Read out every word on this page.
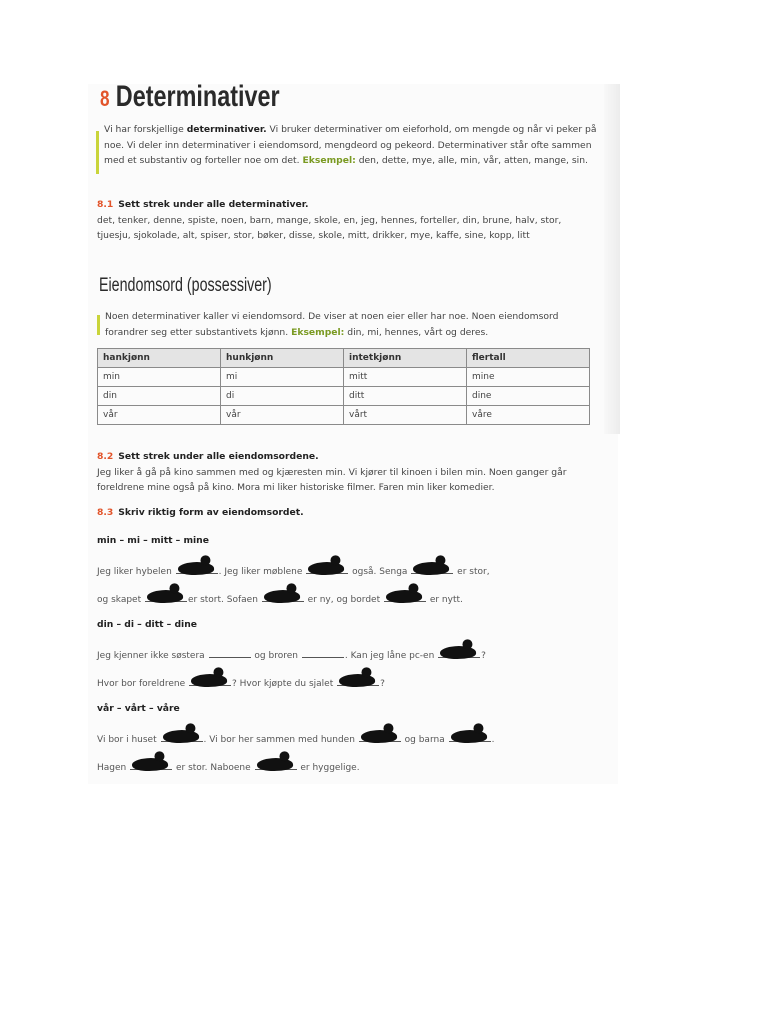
8 Determinativer
Vi har forskjellige determinativer. Vi bruker determinativer om eieforhold, om mengde og når vi peker på
noe. Vi deler inn determinativer i eiendomsord, mengdeord og pekeord. Determinativer står ofte sammen
med et substantiv og forteller noe om det. Eksempel: den, dette, mye, alle, min, vår, atten, mange, sin.
8.1 Sett strek under alle determinativer.
det, tenker, denne, spiste, noen, barn, mange, skole, en, jeg, hennes, forteller, din, brune, halv, stor,
tjuesju, sjokolade, alt, spiser, stor, bøker, disse, skole, mitt, drikker, mye, kaffe, sine, kopp, litt
Eiendomsord (possessiver)
Noen determinativer kaller vi eiendomsord. De viser at noen eier eller har noe. Noen eiendomsord
forandrer seg etter substantivets kjønn. Eksempel: din, mi, hennes, vårt og deres.
hankjønn	hunkjønn	intetkjønn	flertall
min	mi	mitt	mine
din	di	ditt	dine
vår	vår	vårt	våre
8.2 Sett strek under alle eiendomsordene.
Jeg liker å gå på kino sammen med og kjæresten min. Vi kjører til kinoen i bilen min. Noen ganger går
foreldrene mine også på kino. Mora mi liker historiske filmer. Faren min liker komedier.
8.3 Skriv riktig form av eiendomsordet.
min – mi – mitt – mine
Jeg liker hybelen	. Jeg liker møblene	også. Senga	er stor,
og skapet	er stort. Sofaen	er ny, og bordet	er nytt.
din – di – ditt – dine
Jeg kjenner ikke søstera	og broren	. Kan jeg låne pc-en	?
Hvor bor foreldrene	? Hvor kjøpte du sjalet	?
vår – vårt – våre
Vi bor i huset	. Vi bor her sammen med hunden	og barna	.
Hagen	er stor. Naboene	er hyggelige.
